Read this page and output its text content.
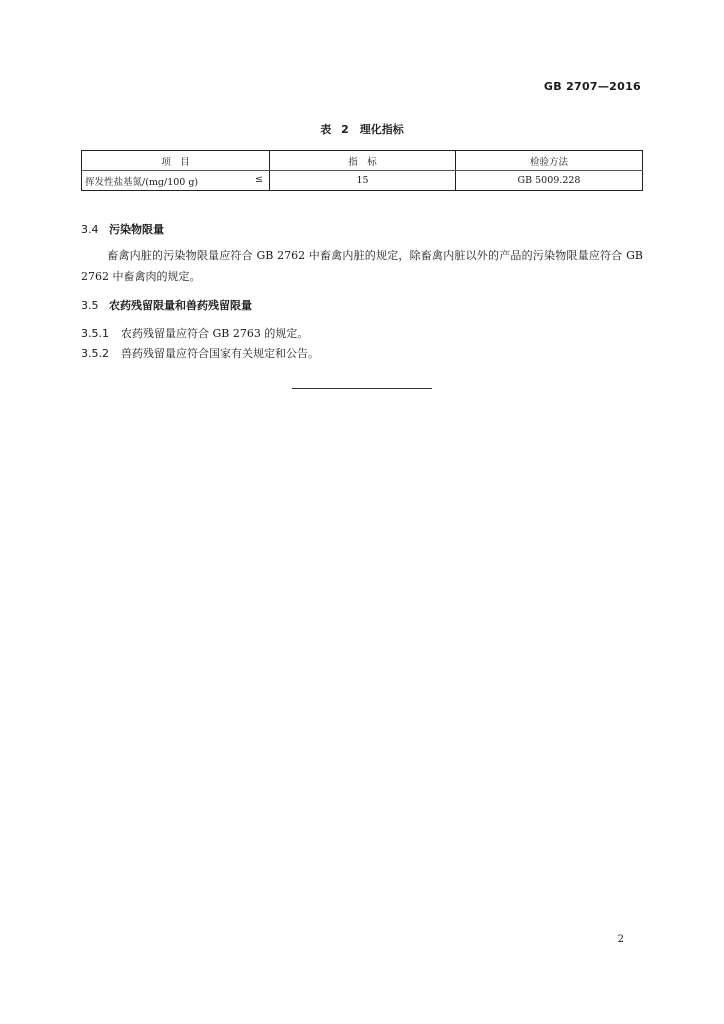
GB 2707—2016
表 2　理化指标
项　目	指　标	检验方法
挥发性盐基氮/(mg/100 g) ≤	15	GB 5009.228
3.4 污染物限量
畜禽内脏的污染物限量应符合 GB 2762 中畜禽内脏的规定，除畜禽内脏以外的产品的污染物限量应符合 GB 2762 中畜禽肉的规定。
3.5 农药残留限量和兽药残留限量
3.5.1 农药残留量应符合 GB 2763 的规定。
3.5.2 兽药残留量应符合国家有关规定和公告。
2
